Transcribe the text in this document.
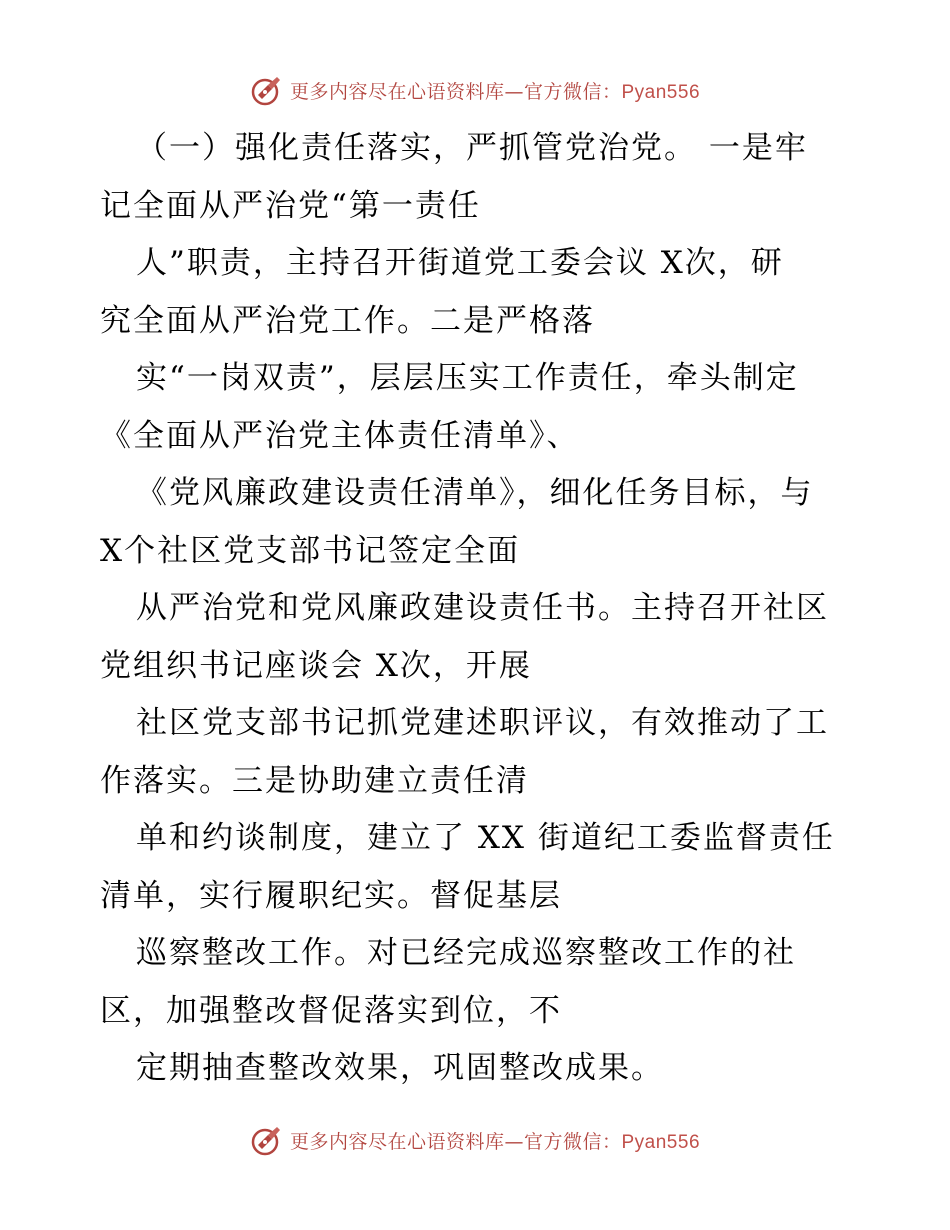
更多内容尽在心语资料库—官方微信：Pyan556
（一）强化责任落实，严抓管党治党。 一是牢
记全面从严治党“第一责任
人”职责，主持召开街道党工委会议 X次，研
究全面从严治党工作。二是严格落
实“一岗双责”，层层压实工作责任，牵头制定
《全面从严治党主体责任清单》、
《党风廉政建设责任清单》，细化任务目标，与
X个社区党支部书记签定全面
从严治党和党风廉政建设责任书。主持召开社区
党组织书记座谈会 X次，开展
社区党支部书记抓党建述职评议，有效推动了工
作落实。三是协助建立责任清
单和约谈制度，建立了 XX 街道纪工委监督责任
清单，实行履职纪实。督促基层
巡察整改工作。对已经完成巡察整改工作的社
区，加强整改督促落实到位，不
定期抽查整改效果，巩固整改成果。
更多内容尽在心语资料库—官方微信：Pyan556
